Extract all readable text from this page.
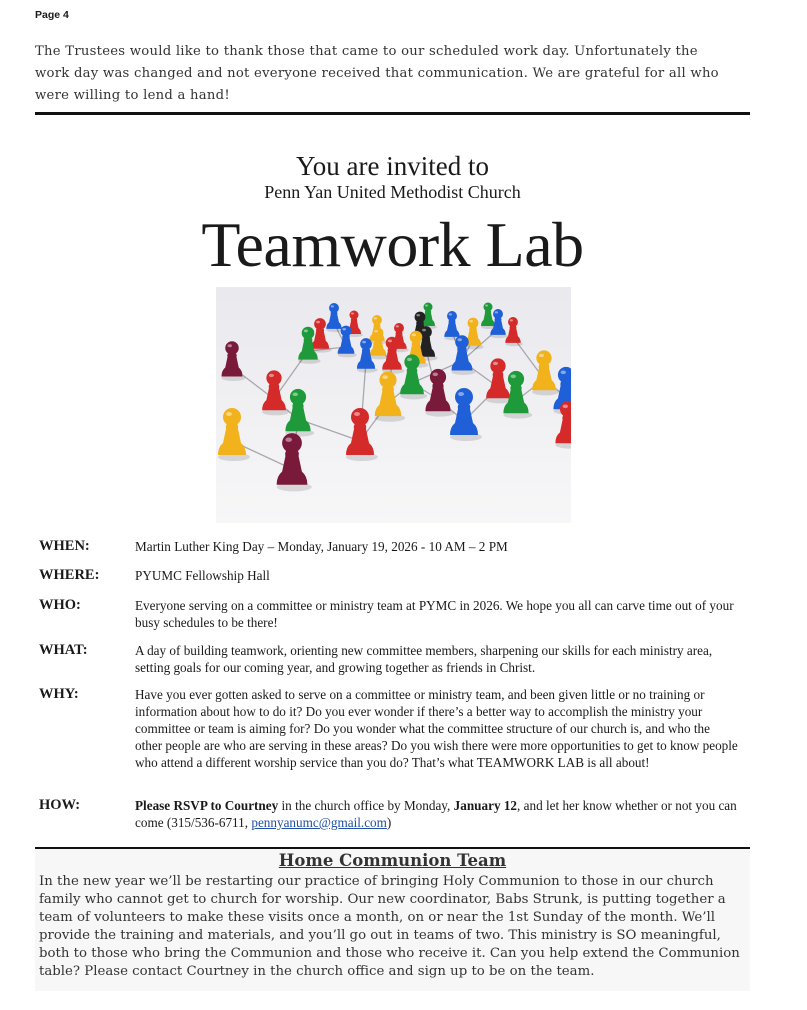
Page 4
The Trustees would like to thank those that came to our scheduled work day. Unfortunately the work day was changed and not everyone received that communication. We are grateful for all who were willing to lend a hand!
You are invited to
Penn Yan United Methodist Church
Teamwork Lab
WHEN:	Martin Luther King Day – Monday, January 19, 2026 - 10 AM – 2 PM
WHERE:	PYUMC Fellowship Hall
WHO:	Everyone serving on a committee or ministry team at PYMC in 2026. We hope you all can carve time out of your busy schedules to be there!
WHAT:	A day of building teamwork, orienting new committee members, sharpening our skills for each ministry area, setting goals for our coming year, and growing together as friends in Christ.
WHY:	Have you ever gotten asked to serve on a committee or ministry team, and been given little or no training or information about how to do it? Do you ever wonder if there’s a better way to accomplish the ministry your committee or team is aiming for? Do you wonder what the committee structure of our church is, and who the other people are who are serving in these areas? Do you wish there were more opportunities to get to know people who attend a different worship service than you do? That’s what TEAMWORK LAB is all about!
HOW:	Please RSVP to Courtney in the church office by Monday, January 12, and let her know whether or not you can come (315/536-6711, pennyanumc@gmail.com)
Home Communion Team
In the new year we’ll be restarting our practice of bringing Holy Communion to those in our church family who cannot get to church for worship. Our new coordinator, Babs Strunk, is putting together a team of volunteers to make these visits once a month, on or near the 1st Sunday of the month. We’ll provide the training and materials, and you’ll go out in teams of two. This ministry is SO meaningful, both to those who bring the Communion and those who receive it. Can you help extend the Communion table? Please contact Courtney in the church office and sign up to be on the team.
